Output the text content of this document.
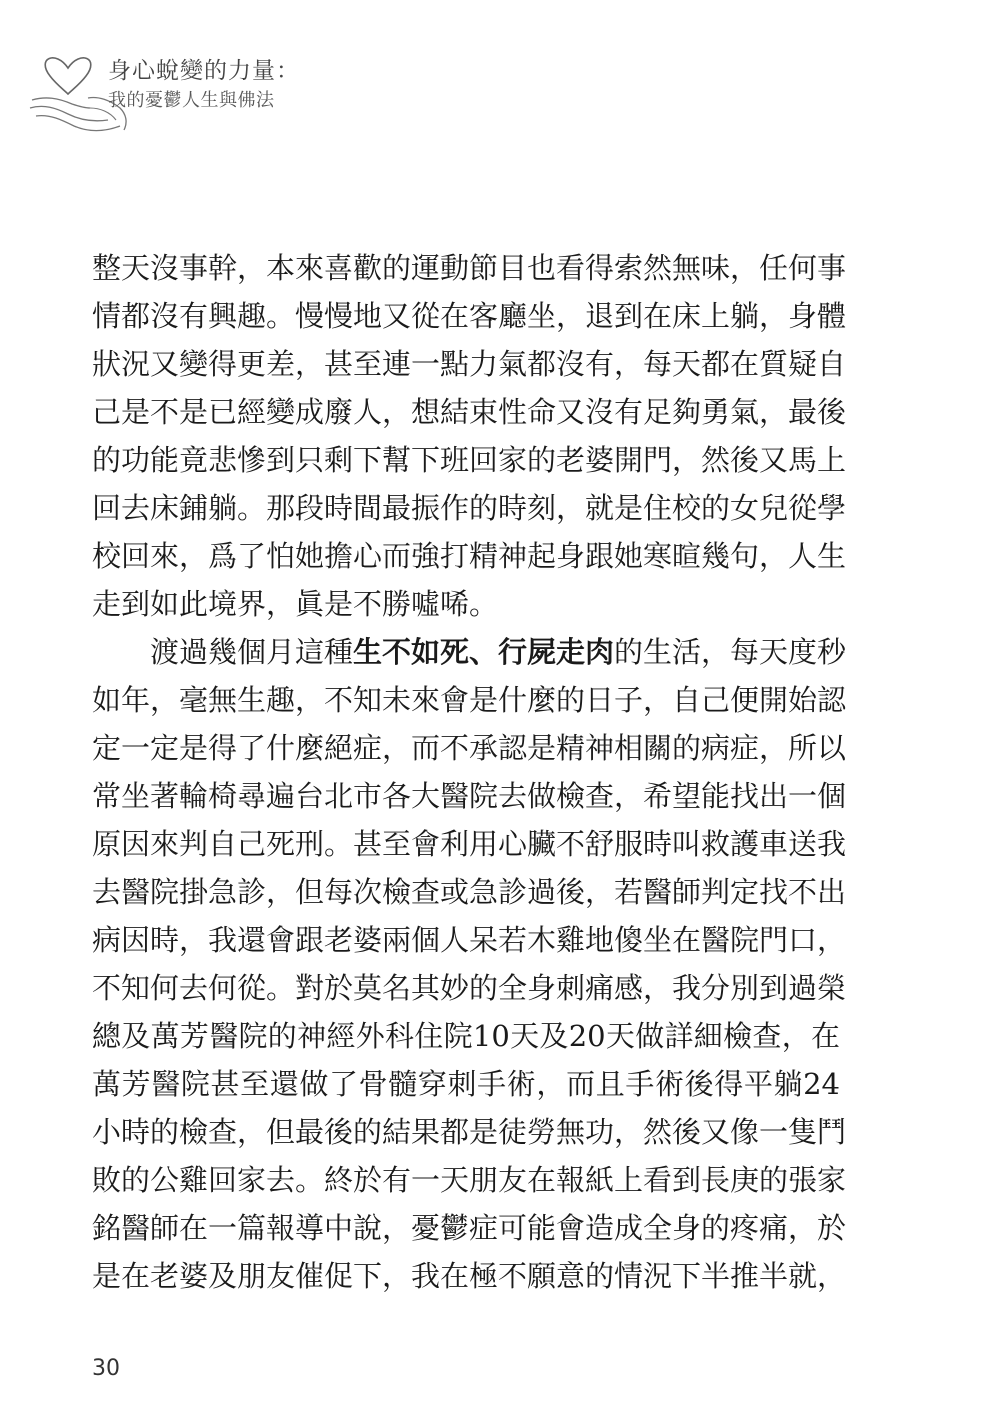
身心蛻變的力量：
我的憂鬱人生與佛法
整天沒事幹，本來喜歡的運動節目也看得索然無味，任何事
情都沒有興趣。慢慢地又從在客廳坐，退到在床上躺，身體
狀況又變得更差，甚至連一點力氣都沒有，每天都在質疑自
己是不是已經變成廢人，想結束性命又沒有足夠勇氣，最後
的功能竟悲慘到只剩下幫下班回家的老婆開門，然後又馬上
回去床鋪躺。那段時間最振作的時刻，就是住校的女兒從學
校回來，爲了怕她擔心而強打精神起身跟她寒暄幾句，人生
走到如此境界，眞是不勝噓唏。
渡過幾個月這種生不如死、行屍走肉的生活，每天度秒
如年，毫無生趣，不知未來會是什麼的日子，自己便開始認
定一定是得了什麼絕症，而不承認是精神相關的病症，所以
常坐著輪椅尋遍台北市各大醫院去做檢查，希望能找出一個
原因來判自己死刑。甚至會利用心臟不舒服時叫救護車送我
去醫院掛急診，但每次檢查或急診過後，若醫師判定找不出
病因時，我還會跟老婆兩個人呆若木雞地傻坐在醫院門口，
不知何去何從。對於莫名其妙的全身刺痛感，我分別到過榮
總及萬芳醫院的神經外科住院10天及20天做詳細檢查，在
萬芳醫院甚至還做了骨髓穿刺手術，而且手術後得平躺24
小時的檢查，但最後的結果都是徒勞無功，然後又像一隻鬥
敗的公雞回家去。終於有一天朋友在報紙上看到長庚的張家
銘醫師在一篇報導中說，憂鬱症可能會造成全身的疼痛，於
是在老婆及朋友催促下，我在極不願意的情況下半推半就，
30
